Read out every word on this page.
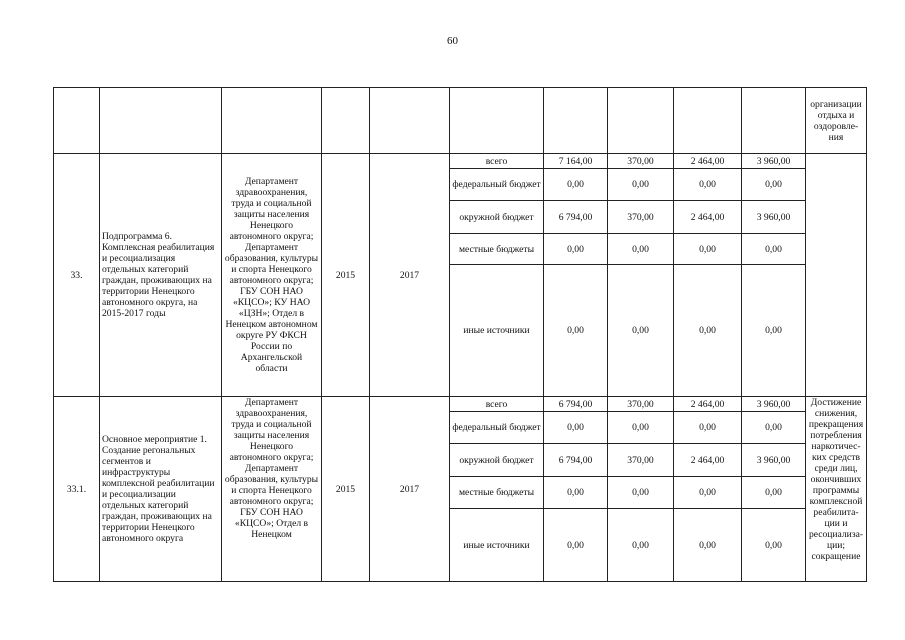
60
										организации отдыха и оздоровле-ния
33.	Подпрограмма 6. Комплексная реабилитация и ресоциализация отдельных категорий граждан, проживающих на территории Ненецкого автономного округа, на 2015-2017 годы	Департамент здравоохранения, труда и социальной защиты населения Ненецкого автономного округа; Департамент образования, культуры и спорта Ненецкого автономного округа; ГБУ СОН НАО «КЦСО»; КУ НАО «ЦЗН»; Отдел в Ненецком автономном округе РУ ФКСН России по Архангельской области	2015	2017	всего	7 164,00	370,00	2 464,00	3 960,00	
					федеральный бюджет	0,00	0,00	0,00	0,00	
					окружной бюджет	6 794,00	370,00	2 464,00	3 960,00	
					местные бюджеты	0,00	0,00	0,00	0,00	
					иные источники	0,00	0,00	0,00	0,00	
33.1.	Основное мероприятие 1. Создание регональных сегментов и инфраструктуры комплексной реабилитации и ресоциализации отдельных категорий граждан, проживающих на территории Ненецкого автономного округа	Департамент здравоохранения, труда и социальной защиты населения Ненецкого автономного округа; Департамент образования, культуры и спорта Ненецкого автономного округа; ГБУ СОН НАО «КЦСО»; Отдел в Ненецком	2015	2017	всего	6 794,00	370,00	2 464,00	3 960,00	Достижение снижения, прекращения потребления наркотичес-ких средств среди лиц, окончивших программы комплексной реабилита-ции и ресоциализа-ции; сокращение
					федеральный бюджет	0,00	0,00	0,00	0,00	
					окружной бюджет	6 794,00	370,00	2 464,00	3 960,00	
					местные бюджеты	0,00	0,00	0,00	0,00	
					иные источники	0,00	0,00	0,00	0,00	
